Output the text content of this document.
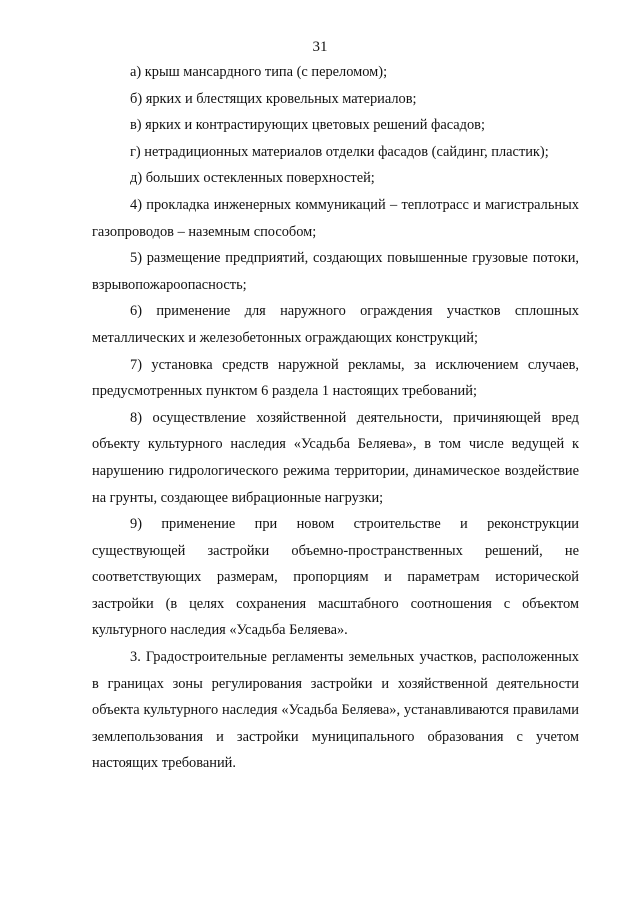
31

а) крыш мансардного типа (с переломом);

б) ярких и блестящих кровельных материалов;

в) ярких и контрастирующих цветовых решений фасадов;

г) нетрадиционных материалов отделки фасадов (сайдинг, пластик);

д) больших остекленных поверхностей;

4) прокладка инженерных коммуникаций – теплотрасс и магистральных газопроводов – наземным способом;

5) размещение предприятий, создающих повышенные грузовые потоки, взрывопожароопасность;

6) применение для наружного ограждения участков сплошных металлических и железобетонных ограждающих конструкций;

7) установка средств наружной рекламы, за исключением случаев, предусмотренных пунктом 6 раздела 1 настоящих требований;

8) осуществление хозяйственной деятельности, причиняющей вред объекту культурного наследия «Усадьба Беляева», в том числе ведущей к нарушению гидрологического режима территории, динамическое воздействие на грунты, создающее вибрационные нагрузки;

9) применение при новом строительстве и реконструкции существующей застройки объемно-пространственных решений, не соответствующих размерам, пропорциям и параметрам исторической застройки (в целях сохранения масштабного соотношения с объектом культурного наследия «Усадьба Беляева».

3. Градостроительные регламенты земельных участков, расположенных в границах зоны регулирования застройки и хозяйственной деятельности объекта культурного наследия «Усадьба Беляева», устанавливаются правилами землепользования и застройки муниципального образования с учетом настоящих требований.
